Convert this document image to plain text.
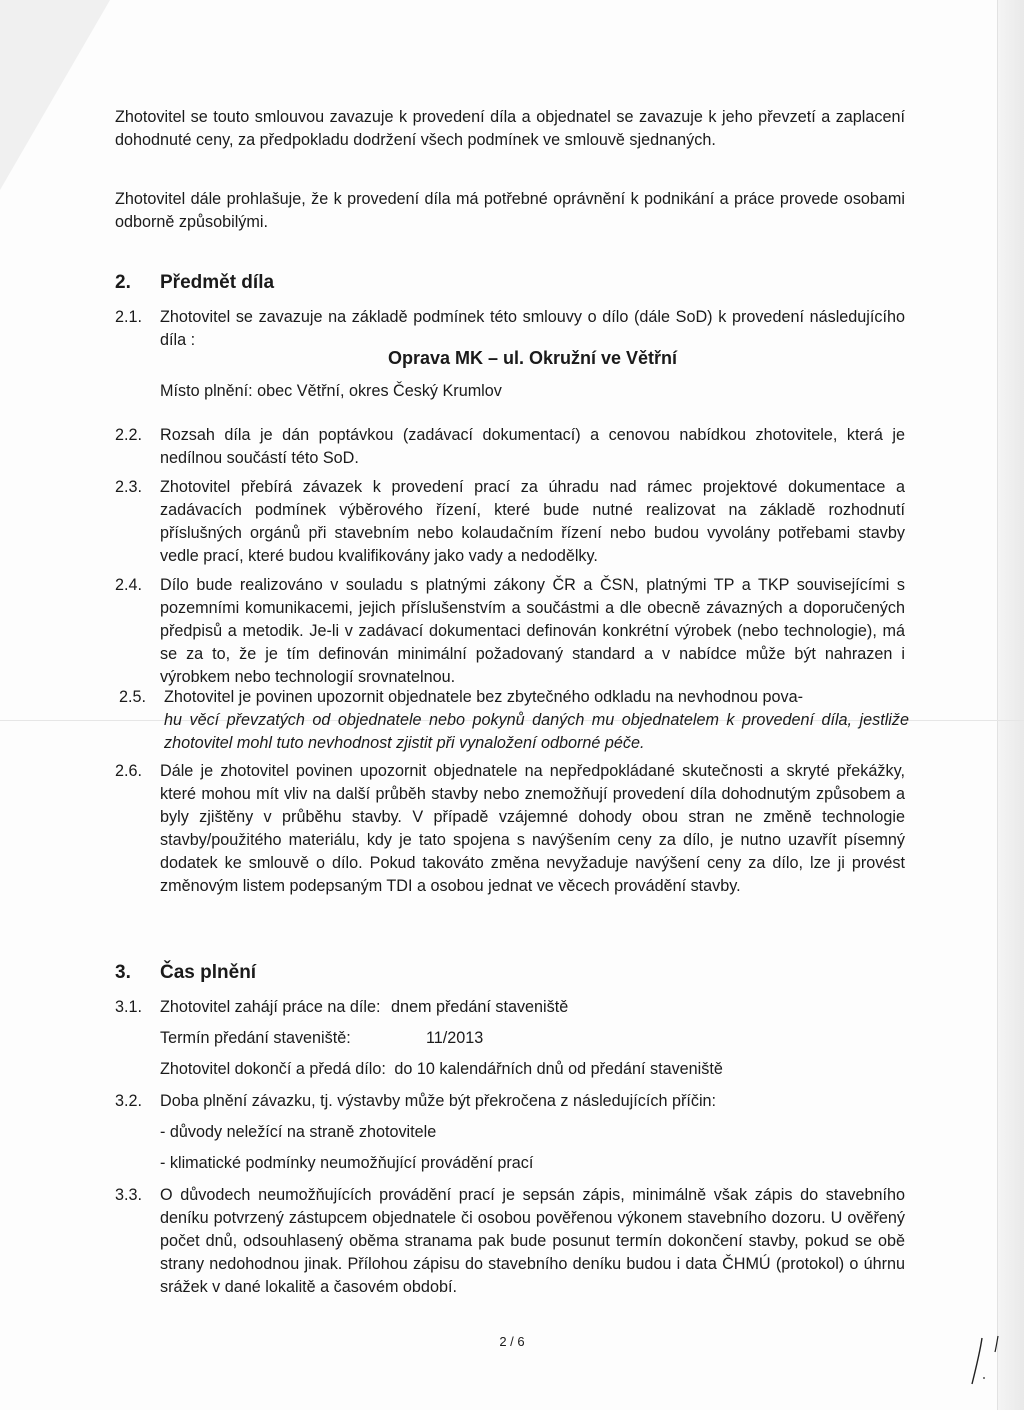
Zhotovitel se touto smlouvou zavazuje k provedení díla a objednatel se zavazuje k jeho převzetí a zaplacení dohodnuté ceny, za předpokladu dodržení všech podmínek ve smlouvě sjednaných.

Zhotovitel dále prohlašuje, že k provedení díla má potřebné oprávnění k podnikání a práce provede osobami odborně způsobilými.

2. Předmět díla
2.1. Zhotovitel se zavazuje na základě podmínek této smlouvy o dílo (dále SoD) k provedení následujícího díla :

Oprava MK – ul. Okružní ve Větřní
Místo plnění: obec Větřní, okres Český Krumlov
2.2. Rozsah díla je dán poptávkou (zadávací dokumentací) a cenovou nabídkou zhotovitele, která je nedílnou součástí této SoD.

2.3. Zhotovitel přebírá závazek k provedení prací za úhradu nad rámec projektové dokumentace a zadávacích podmínek výběrového řízení, které bude nutné realizovat na základě rozhodnutí příslušných orgánů při stavebním nebo kolaudačním řízení nebo budou vyvolány potřebami stavby vedle prací, které budou kvalifikovány jako vady a nedodělky.

2.4. Dílo bude realizováno v souladu s platnými zákony ČR a ČSN, platnými TP a TKP souvisejícími s pozemními komunikacemi, jejich příslušenstvím a součástmi a dle obecně závazných a doporučených předpisů a metodik. Je-li v zadávací dokumentaci definován konkrétní výrobek (nebo technologie), má se za to, že je tím definován minimální požadovaný standard a v nabídce může být nahrazen i výrobkem nebo technologií srovnatelnou.

2.5. Zhotovitel je povinen upozornit objednatele bez zbytečného odkladu na nevhodnou pova-

hu věcí převzatých od objednatele nebo pokynů daných mu objednatelem k provedení díla, jestliže zhotovitel mohl tuto nevhodnost zjistit při vynaložení odborné péče.

2.6. Dále je zhotovitel povinen upozornit objednatele na nepředpokládané skutečnosti a skryté překážky, které mohou mít vliv na další průběh stavby nebo znemožňují provedení díla dohodnutým způsobem a byly zjištěny v průběhu stavby. V případě vzájemné dohody obou stran ne změně technologie stavby/použitého materiálu, kdy je tato spojena s navýšením ceny za dílo, je nutno uzavřít písemný dodatek ke smlouvě o dílo. Pokud takováto změna nevyžaduje navýšení ceny za dílo, lze ji provést změnovým listem podepsaným TDI a osobou jednat ve věcech provádění stavby.

3. Čas plnění
3.1. Zhotovitel zahájí práce na díle: dnem předání staveniště
Termín předání staveniště:	11/2013
Zhotovitel dokončí a předá dílo: do 10 kalendářních dnů od předání staveniště
3.2. Doba plnění závazku, tj. výstavby může být překročena z následujících příčin:
- důvody neležící na straně zhotovitele
- klimatické podmínky neumožňující provádění prací
3.3. O důvodech neumožňujících provádění prací je sepsán zápis, minimálně však zápis do stavebního deníku potvrzený zástupcem objednatele či osobou pověřenou výkonem stavebního dozoru. U ověřený počet dnů, odsouhlasený oběma stranama pak bude posunut termín dokončení stavby, pokud se obě strany nedohodnou jinak. Přílohou zápisu do stavebního deníku budou i data ČHMÚ (protokol) o úhrnu srážek v dané lokalitě a časovém období.

2 / 6
